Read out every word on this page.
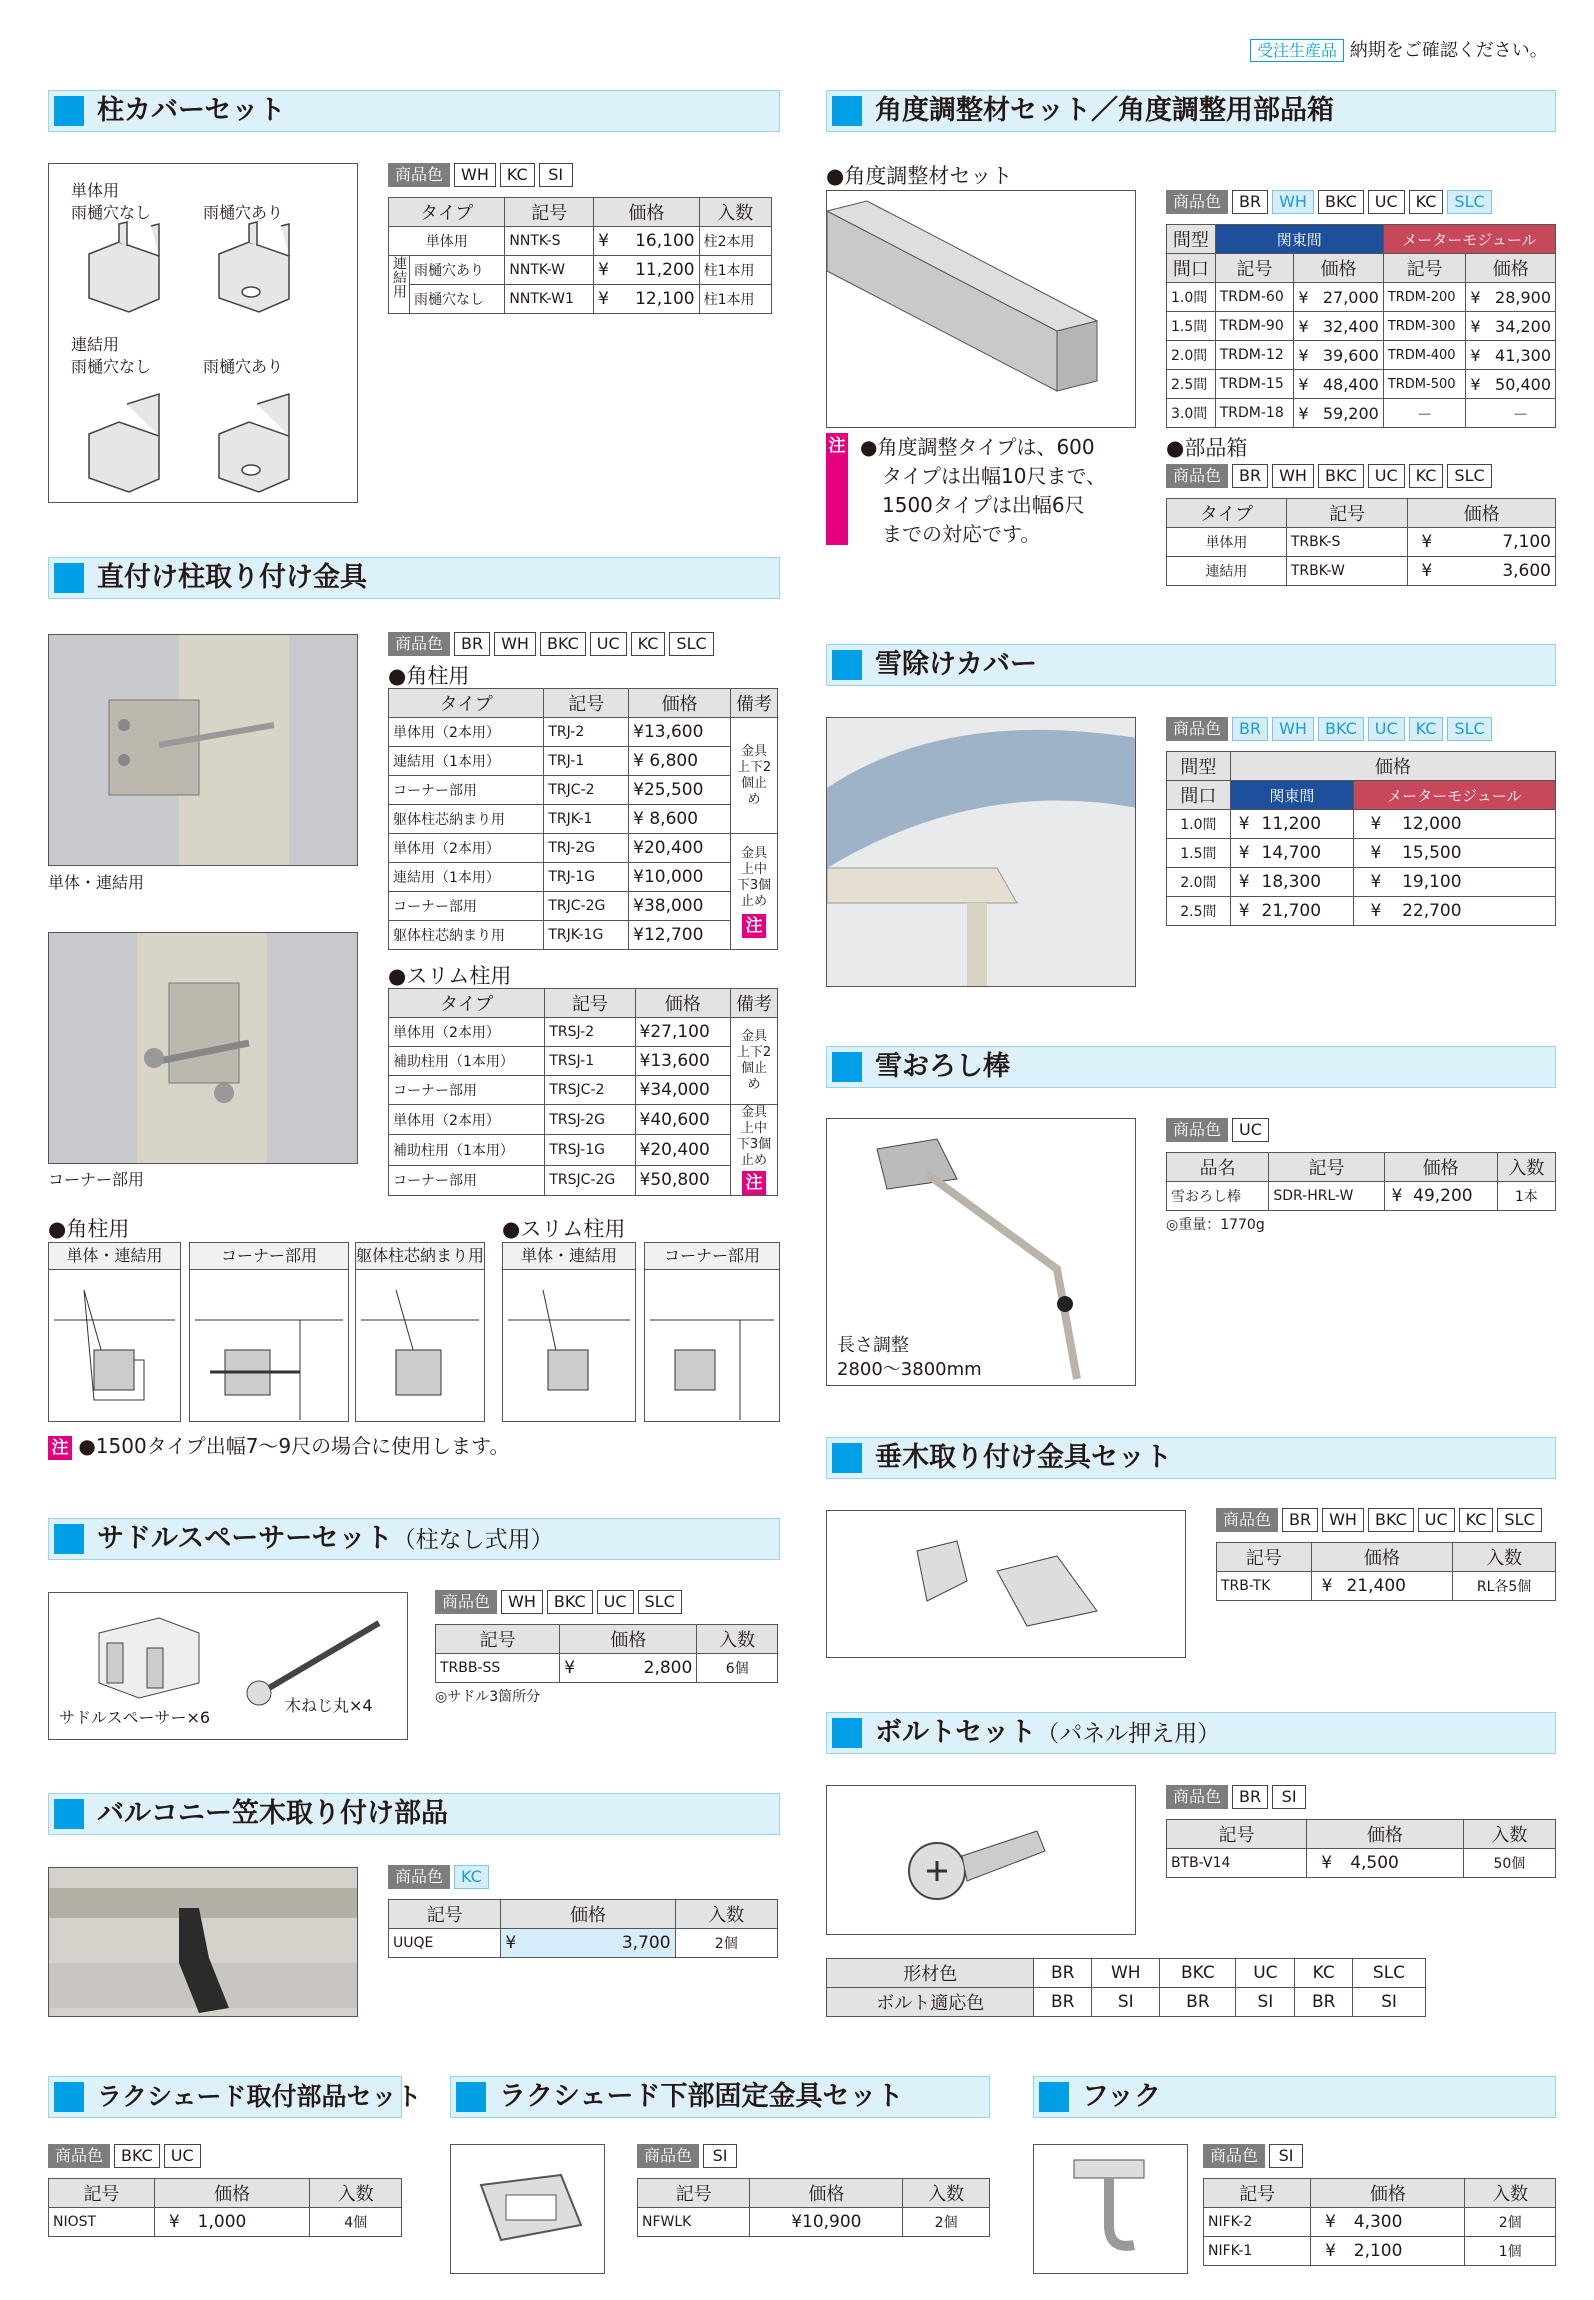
受注生産品 納期をご確認ください。
柱カバーセット
単体用
雨樋穴なし	雨樋穴あり
連結用
雨樋穴なし	雨樋穴あり
商品色	WH	KC	SI
タイプ		記号	価格		入数
単体用		NNTK-S	¥	16,100	柱2本用
連結用	雨樋穴あり	NNTK-W	¥	11,200	柱1本用
	雨樋穴なし	NNTK-W1	¥	12,100	柱1本用
直付け柱取り付け金具
単体・連結用
コーナー部用
商品色	BR	WH	BKC	UC	KC	SLC
●角柱用
タイプ	記号	価格	備考
単体用（2本用）	TRJ-2	¥13,600	金具上下2個止め
連結用（1本用）	TRJ-1	¥ 6,800	
コーナー部用	TRJC-2	¥25,500	
躯体柱芯納まり用	TRJK-1	¥ 8,600	
単体用（2本用）	TRJ-2G	¥20,400	金具上中下3個止め
注
連結用（1本用）	TRJ-1G	¥10,000	
コーナー部用	TRJC-2G	¥38,000	
躯体柱芯納まり用	TRJK-1G	¥12,700	
●スリム柱用
タイプ	記号	価格	備考
単体用（2本用）	TRSJ-2	¥27,100	金具上下2個止め
補助柱用（1本用）	TRSJ-1	¥13,600	
コーナー部用	TRSJC-2	¥34,000	
単体用（2本用）	TRSJ-2G	¥40,600	金具上中下3個止め
注
補助柱用（1本用）	TRSJ-1G	¥20,400	
コーナー部用	TRSJC-2G	¥50,800	
●角柱用	●スリム柱用
単体・連結用	コーナー部用	躯体柱芯納まり用	単体・連結用	コーナー部用
注 ●1500タイプ出幅7～9尺の場合に使用します。
サドルスペーサーセット（柱なし式用）
サドルスペーサー×6
木ねじ丸×4
商品色	WH	BKC	UC	SLC
記号	価格		入数
TRBB-SS	¥	2,800	6個
◎サドル3箇所分
バルコニー笠木取り付け部品
商品色	KC
記号	価格		入数
UUQE	¥	3,700	2個
角度調整材セット／角度調整用部品箱
●角度調整材セット
注 ●角度調整タイプは、600
タイプは出幅10尺まで、
1500タイプは出幅6尺
までの対応です。
商品色	BR	WH	BKC	UC	KC	SLC
間型	関東間			メーターモジュール		
間口	記号	価格		記号	価格	
1.0間	TRDM-60	¥	27,000	TRDM-200	¥	28,900
1.5間	TRDM-90	¥	32,400	TRDM-300	¥	34,200
2.0間	TRDM-12	¥	39,600	TRDM-400	¥	41,300
2.5間	TRDM-15	¥	48,400	TRDM-500	¥	50,400
3.0間	TRDM-18	¥	59,200	－		－
●部品箱
商品色	BR	WH	BKC	UC	KC	SLC
タイプ	記号	価格	
単体用	TRBK-S	¥	7,100
連結用	TRBK-W	¥	3,600
雪除けカバー
商品色	BR	WH	BKC	UC	KC	SLC
間型	価格			
間口	関東間		メーターモジュール	
1.0間	¥	11,200	¥	12,000
1.5間	¥	14,700	¥	15,500
2.0間	¥	18,300	¥	19,100
2.5間	¥	21,700	¥	22,700
雪おろし棒
長さ調整
2800～3800mm
商品色	UC
品名	記号	価格		入数
雪おろし棒	SDR-HRL-W	¥	49,200	1本
◎重量：1770g
垂木取り付け金具セット
商品色	BR	WH	BKC	UC	KC	SLC
記号	価格		入数
TRB-TK	¥	21,400	RL各5個
ボルトセット（パネル押え用）
商品色	BR	SI
記号	価格		入数
BTB-V14	¥	4,500	50個
形材色	BR	WH	BKC	UC	KC	SLC
ボルト適応色	BR	SI	BR	SI	BR	SI
ラクシェード取付部品セット
商品色	BKC	UC
記号	価格		入数
NIOST	¥	1,000	4個
ラクシェード下部固定金具セット
商品色	SI
記号	価格	入数
NFWLK	¥10,900	2個
フック
商品色	SI
記号	価格		入数
NIFK-2	¥	4,300	2個
NIFK-1	¥	2,100	1個
